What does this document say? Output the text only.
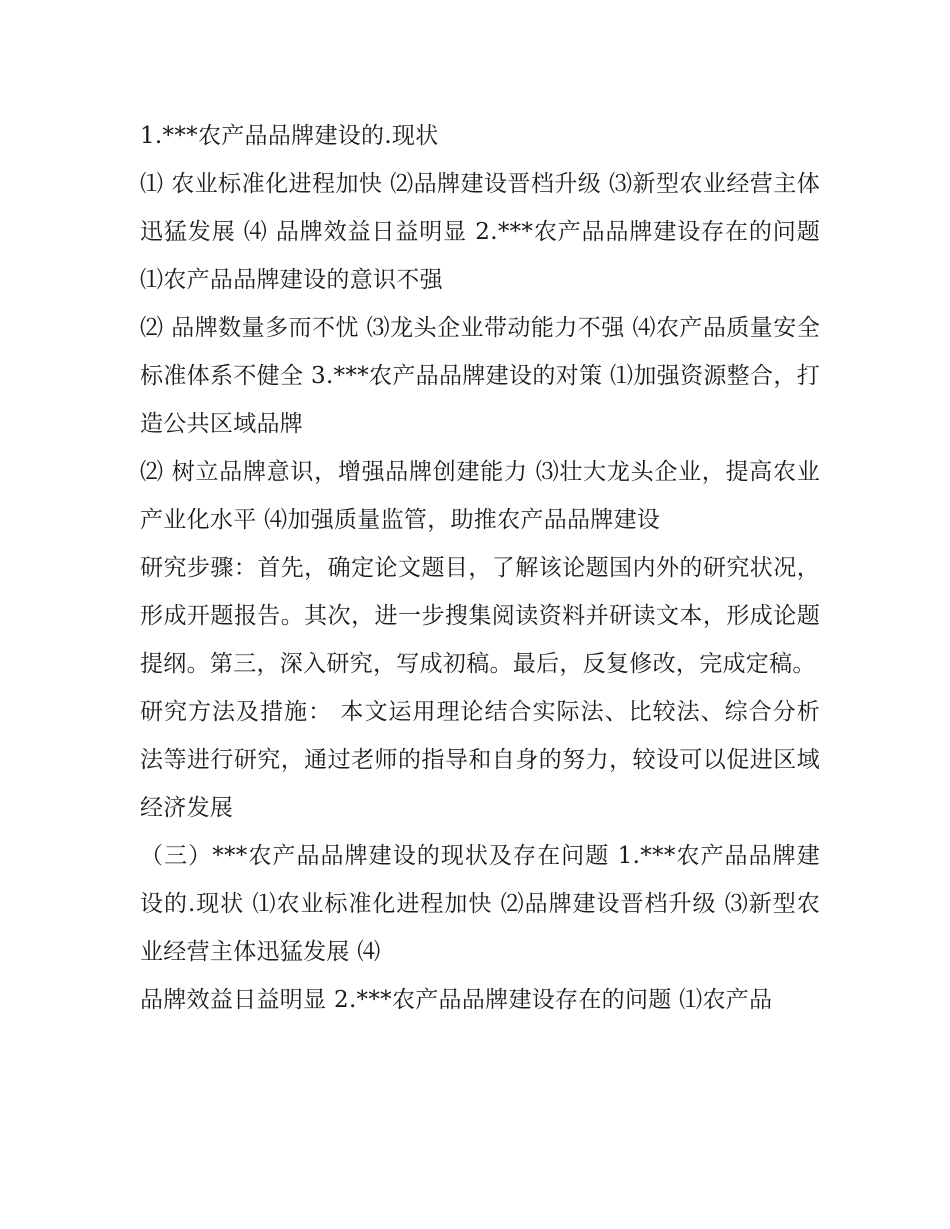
1.***农产品品牌建设的.现状

⑴ 农业标准化进程加快 ⑵品牌建设晋档升级 ⑶新型农业经营主体迅猛发展 ⑷ 品牌效益日益明显 2.***农产品品牌建设存在的问题 ⑴农产品品牌建设的意识不强

⑵ 品牌数量多而不忧 ⑶龙头企业带动能力不强 ⑷农产品质量安全标准体系不健全 3.***农产品品牌建设的对策 ⑴加强资源整合，打造公共区域品牌

⑵ 树立品牌意识，增强品牌创建能力 ⑶壮大龙头企业，提高农业产业化水平 ⑷加强质量监管，助推农产品品牌建设

研究步骤：首先，确定论文题目，了解该论题国内外的研究状况，形成开题报告。其次，进一步搜集阅读资料并研读文本，形成论题提纲。第三，深入研究，写成初稿。最后，反复修改，完成定稿。

研究方法及措施： 本文运用理论结合实际法、比较法、综合分析法等进行研究，通过老师的指导和自身的努力，较设可以促进区域经济发展

（三）***农产品品牌建设的现状及存在问题 1.***农产品品牌建设的.现状 ⑴农业标准化进程加快 ⑵品牌建设晋档升级 ⑶新型农业经营主体迅猛发展 ⑷

品牌效益日益明显 2.***农产品品牌建设存在的问题 ⑴农产品
